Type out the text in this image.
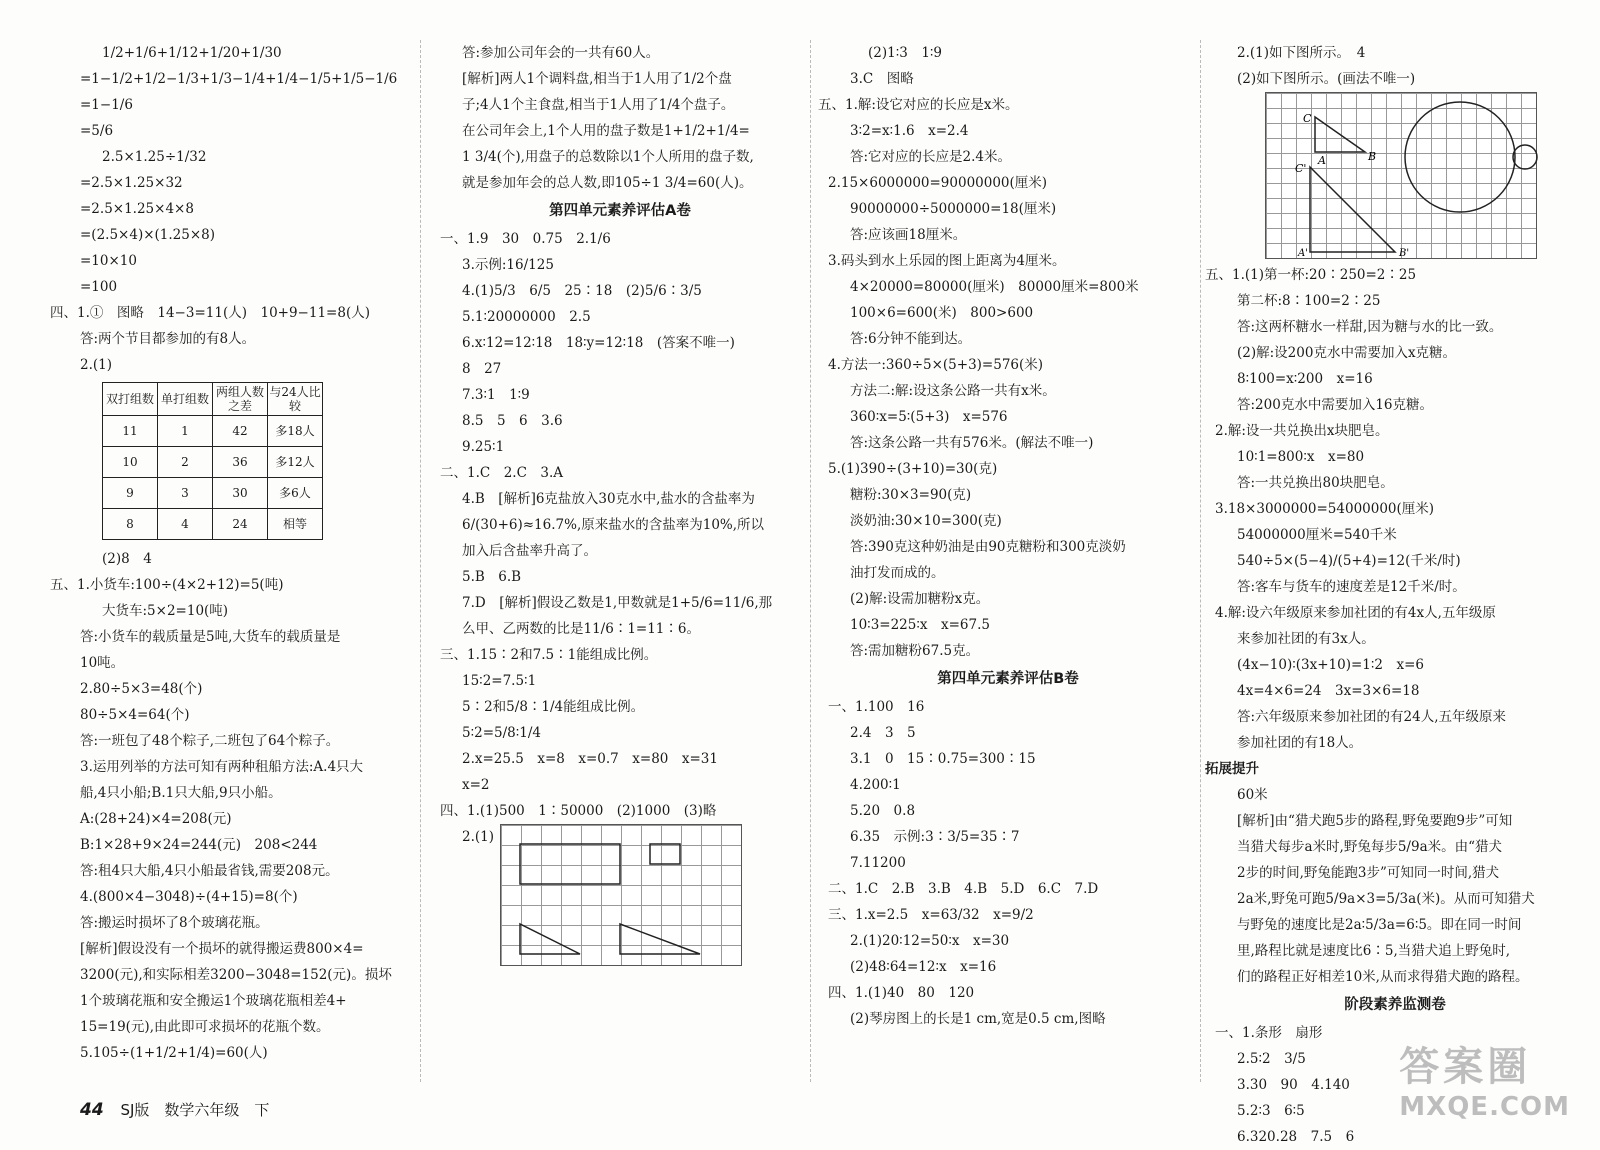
1/2+1/6+1/12+1/20+1/30
=1−1/2+1/2−1/3+1/3−1/4+1/4−1/5+1/5−1/6
=1−1/6
=5/6
2.5×1.25÷1/32
=2.5×1.25×32
=2.5×1.25×4×8
=(2.5×4)×(1.25×8)
=10×10
=100
四、1.①　图略　14−3=11(人)　10+9−11=8(人)
答:两个节目都参加的有8人。
2.(1)
双打组数	单打组数	两组人数之差	与24人比较
11	1	42	多18人
10	2	36	多12人
9	3	30	多6人
8	4	24	相等
(2)8　4
五、1.小货车:100÷(4×2+12)=5(吨)
大货车:5×2=10(吨)
答:小货车的载质量是5吨,大货车的载质量是
10吨。
2.80÷5×3=48(个)
80÷5×4=64(个)
答:一班包了48个粽子,二班包了64个粽子。
3.运用列举的方法可知有两种租船方法:A.4只大
船,4只小船;B.1只大船,9只小船。
A:(28+24)×4=208(元)
B:1×28+9×24=244(元)　208<244
答:租4只大船,4只小船最省钱,需要208元。
4.(800×4−3048)÷(4+15)=8(个)
答:搬运时损坏了8个玻璃花瓶。
[解析]假设没有一个损坏的就得搬运费800×4=
3200(元),和实际相差3200−3048=152(元)。损坏
1个玻璃花瓶和安全搬运1个玻璃花瓶相差4+
15=19(元),由此即可求损坏的花瓶个数。
5.105÷(1+1/2+1/4)=60(人)
答:参加公司年会的一共有60人。
[解析]两人1个调料盘,相当于1人用了1/2个盘
子;4人1个主食盘,相当于1人用了1/4个盘子。
在公司年会上,1个人用的盘子数是1+1/2+1/4=
1 3/4(个),用盘子的总数除以1个人所用的盘子数,
就是参加年会的总人数,即105÷1 3/4=60(人)。
第四单元素养评估A卷
一、1.9　30　0.75　2.1/6
3.示例:16/125
4.(1)5/3　6/5　25∶18　(2)5/6∶3/5
5.1∶20000000　2.5
6.x∶12=12∶18　18∶y=12∶18　(答案不唯一)
8　27
7.3∶1　1∶9
8.5　5　6　3.6
9.25∶1
二、1.C　2.C　3.A
4.B　[解析]6克盐放入30克水中,盐水的含盐率为
6/(30+6)≈16.7%,原来盐水的含盐率为10%,所以
加入后含盐率升高了。
5.B　6.B
7.D　[解析]假设乙数是1,甲数就是1+5/6=11/6,那
么甲、乙两数的比是11/6∶1=11∶6。
三、1.15∶2和7.5∶1能组成比例。
15∶2=7.5∶1
5∶2和5/8∶1/4能组成比例。
5∶2=5/8∶1/4
2.x=25.5　x=8　x=0.7　x=80　x=31
x=2
四、1.(1)500　1∶50000　(2)1000　(3)略
2.(1)
(2)1∶3　1∶9
3.C　图略
五、1.解:设它对应的长应是x米。
3∶2=x∶1.6　x=2.4
答:它对应的长应是2.4米。
2.15×6000000=90000000(厘米)
90000000÷5000000=18(厘米)
答:应该画18厘米。
3.码头到水上乐园的图上距离为4厘米。
4×20000=80000(厘米)　80000厘米=800米
100×6=600(米)　800>600
答:6分钟不能到达。
4.方法一:360÷5×(5+3)=576(米)
方法二:解:设这条公路一共有x米。
360∶x=5∶(5+3)　x=576
答:这条公路一共有576米。(解法不唯一)
5.(1)390÷(3+10)=30(克)
糖粉:30×3=90(克)
淡奶油:30×10=300(克)
答:390克这种奶油是由90克糖粉和300克淡奶
油打发而成的。
(2)解:设需加糖粉x克。
10∶3=225∶x　x=67.5
答:需加糖粉67.5克。
第四单元素养评估B卷
一、1.100　16
2.4　3　5
3.1　0　15∶0.75=300∶15
4.200∶1
5.20　0.8
6.35　示例:3∶3/5=35∶7
7.11200
二、1.C　2.B　3.B　4.B　5.D　6.C　7.D
三、1.x=2.5　x=63/32　x=9/2
2.(1)20∶12=50∶x　x=30
(2)48∶64=12∶x　x=16
四、1.(1)40　80　120
(2)琴房图上的长是1 cm,宽是0.5 cm,图略
2.(1)如下图所示。　4
(2)如下图所示。(画法不唯一)
C
C'
A	B
A'	B'
五、1.(1)第一杯:20∶250=2∶25
第二杯:8∶100=2∶25
答:这两杯糖水一样甜,因为糖与水的比一致。
(2)解:设200克水中需要加入x克糖。
8∶100=x∶200　x=16
答:200克水中需要加入16克糖。
2.解:设一共兑换出x块肥皂。
10∶1=800∶x　x=80
答:一共兑换出80块肥皂。
3.18×3000000=54000000(厘米)
54000000厘米=540千米
540÷5×(5−4)/(5+4)=12(千米/时)
答:客车与货车的速度差是12千米/时。
4.解:设六年级原来参加社团的有4x人,五年级原
来参加社团的有3x人。
(4x−10)∶(3x+10)=1∶2　x=6
4x=4×6=24　3x=3×6=18
答:六年级原来参加社团的有24人,五年级原来
参加社团的有18人。
拓展提升
60米
[解析]由“猎犬跑5步的路程,野兔要跑9步”可知
当猎犬每步a米时,野兔每步5/9a米。由“猎犬
2步的时间,野兔能跑3步”可知同一时间,猎犬
2a米,野兔可跑5/9a×3=5/3a(米)。从而可知猎犬
与野兔的速度比是2a∶5/3a=6∶5。即在同一时间
里,路程比就是速度比6∶5,当猎犬追上野兔时,
们的路程正好相差10米,从而求得猎犬跑的路程。
阶段素养监测卷
一、1.条形　扇形
2.5∶2　3/5
3.30　90　4.140
5.2∶3　6∶5
6.320.28　7.5　6
44 SJ版　数学六年级　下
答案圈
MXQE.COM
